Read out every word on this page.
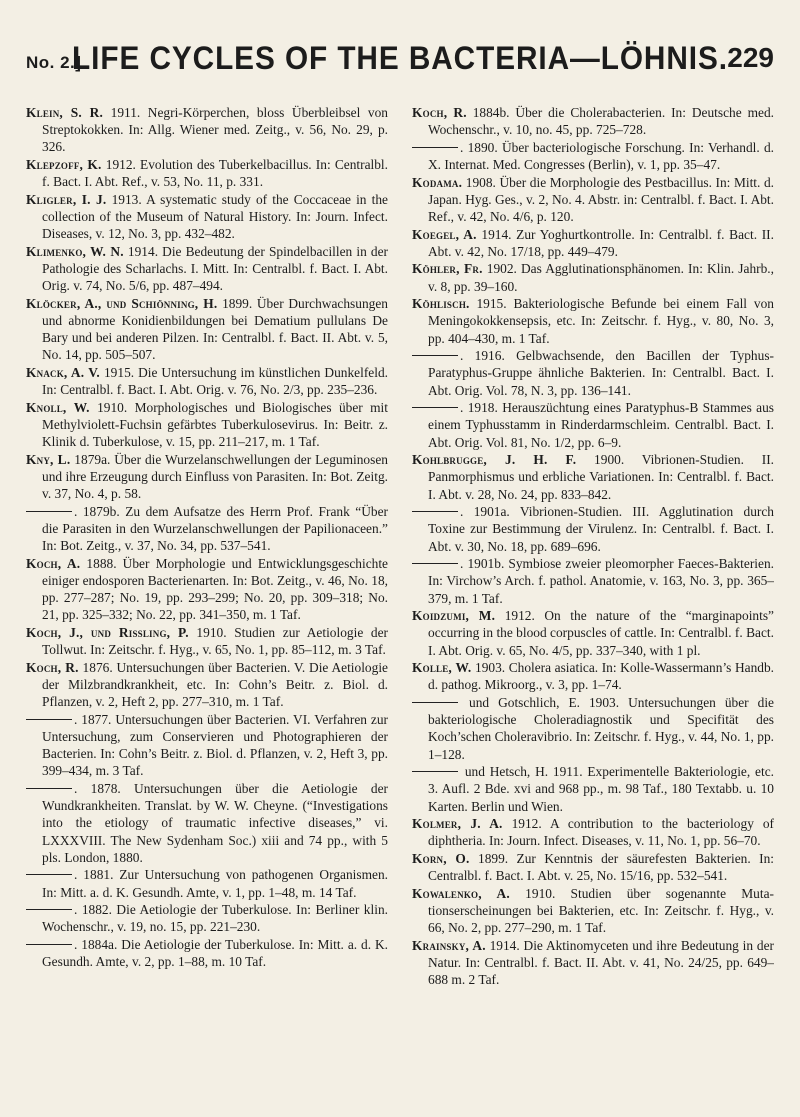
No. 2.]
LIFE CYCLES OF THE BACTERIA—LÖHNIS. 229

Klein, S. R. 1911. Negri-Körperchen, bloss Überbleibsel von Streptokokken. In: Allg. Wiener med. Zeitg., v. 56, No. 29, p. 326.

Klepzoff, K. 1912. Evolution des Tuberkelbacillus. In: Centralbl. f. Bact. I. Abt. Ref., v. 53, No. 11, p. 331.

Kligler, I. J. 1913. A systematic study of the Coccaceae in the collection of the Museum of Natural History. In: Journ. Infect. Diseases, v. 12, No. 3, pp. 432–482.

Klimenko, W. N. 1914. Die Bedeutung der Spindelbacillen in der Pathologie des Scharlachs. I. Mitt. In: Centralbl. f. Bact. I. Abt. Orig. v. 74, No. 5/6, pp. 487–494.

Klöcker, A., und Schiönning, H. 1899. Über Durchwachsungen und abnorme Konidienbildungen bei Dematium pullulans De Bary und bei anderen Pilzen. In: Centralbl. f. Bact. II. Abt. v. 5, No. 14, pp. 505–507.

Knack, A. V. 1915. Die Untersuchung im künstlichen Dunkelfeld. In: Centralbl. f. Bact. I. Abt. Orig. v. 76, No. 2/3, pp. 235–236.

Knoll, W. 1910. Morphologisches und Biologisches über mit Methylviolett-Fuchsin gefärbtes Tuberkulosevirus. In: Beitr. z. Klinik d. Tuberkulose, v. 15, pp. 211–217, m. 1 Taf.

Kny, L. 1879a. Über die Wurzelanschwellungen der Leguminosen und ihre Erzeugung durch Einfluss von Parasiten. In: Bot. Zeitg. v. 37, No. 4, p. 58.

. 1879b. Zu dem Aufsatze des Herrn Prof. Frank “Über die Parasiten in den Wurzelanschwellungen der Papilionaceen.” In: Bot. Zeitg., v. 37, No. 34, pp. 537–541.

Koch, A. 1888. Über Morphologie und Entwicklungsgeschichte einiger endosporen Bacterienarten. In: Bot. Zeitg., v. 46, No. 18, pp. 277–287; No. 19, pp. 293–299; No. 20, pp. 309–318; No. 21, pp. 325–332; No. 22, pp. 341–350, m. 1 Taf.

Koch, J., und Rissling, P. 1910. Studien zur Aetiologie der Tollwut. In: Zeitschr. f. Hyg., v. 65, No. 1, pp. 85–112, m. 3 Taf.

Koch, R. 1876. Untersuchungen über Bacterien. V. Die Aetiologie der Milzbrandkrankheit, etc. In: Cohn’s Beitr. z. Biol. d. Pflanzen, v. 2, Heft 2, pp. 277–310, m. 1 Taf.

. 1877. Untersuchungen über Bacterien. VI. Verfahren zur Untersuchung, zum Conservieren und Photographieren der Bacterien. In: Cohn’s Beitr. z. Biol. d. Pflanzen, v. 2, Heft 3, pp. 399–434, m. 3 Taf.

. 1878. Untersuchungen über die Aetiologie der Wundkrankheiten. Translat. by W. W. Cheyne. (“Investigations into the etiology of traumatic infective diseases,” vi. LXXXVIII. The New Sydenham Soc.) xiii and 74 pp., with 5 pls. London, 1880.

. 1881. Zur Untersuchung von pathogenen Organismen. In: Mitt. a. d. K. Gesundh. Amte, v. 1, pp. 1–48, m. 14 Taf.

. 1882. Die Aetiologie der Tuberkulose. In: Berliner klin. Wochenschr., v. 19, no. 15, pp. 221–230.

. 1884a. Die Aetiologie der Tuberkulose. In: Mitt. a. d. K. Gesundh. Amte, v. 2, pp. 1–88, m. 10 Taf.

Koch, R. 1884b. Über die Cholerabacterien. In: Deutsche med. Wochenschr., v. 10, no. 45, pp. 725–728.

. 1890. Über bacteriologische Forschung. In: Verhandl. d. X. Internat. Med. Congresses (Berlin), v. 1, pp. 35–47.

Kodama. 1908. Über die Morphologie des Pestbacillus. In: Mitt. d. Japan. Hyg. Ges., v. 2, No. 4. Abstr. in: Centralbl. f. Bact. I. Abt. Ref., v. 42, No. 4/6, p. 120.

Koegel, A. 1914. Zur Yoghurtkontrolle. In: Centralbl. f. Bact. II. Abt. v. 42, No. 17/18, pp. 449–479.

Köhler, Fr. 1902. Das Agglutinationsphänomen. In: Klin. Jahrb., v. 8, pp. 39–160.

Köhlisch. 1915. Bakteriologische Befunde bei einem Fall von Meningokokkensepsis, etc. In: Zeitschr. f. Hyg., v. 80, No. 3, pp. 404–430, m. 1 Taf.

. 1916. Gelbwachsende, den Bacillen der Typhus-Paratyphus-Gruppe ähnliche Bakterien. In: Centralbl. Bact. I. Abt. Orig. Vol. 78, N. 3, pp. 136–141.

. 1918. Herauszüchtung eines Paratyphus-B Stammes aus einem Typhusstamm in Rinderdarmschleim. Centralbl. Bact. I. Abt. Orig. Vol. 81, No. 1/2, pp. 6–9.

Kohlbrugge, J. H. F. 1900. Vibrionen-Studien. II. Panmorphismus und erbliche Variationen. In: Centralbl. f. Bact. I. Abt. v. 28, No. 24, pp. 833–842.

. 1901a. Vibrionen-Studien. III. Agglutination durch Toxine zur Bestimmung der Virulenz. In: Centralbl. f. Bact. I. Abt. v. 30, No. 18, pp. 689–696.

. 1901b. Symbiose zweier pleomorpher Faeces-Bakterien. In: Virchow’s Arch. f. pathol. Anatomie, v. 163, No. 3, pp. 365–379, m. 1 Taf.

Koidzumi, M. 1912. On the nature of the “marginapoints” occurring in the blood corpuscles of cattle. In: Centralbl. f. Bact. I. Abt. Orig. v. 65, No. 4/5, pp. 337–340, with 1 pl.

Kolle, W. 1903. Cholera asiatica. In: Kolle-Wassermann’s Handb. d. pathog. Mikroorg., v. 3, pp. 1–74.

und Gotschlich, E. 1903. Untersuchungen über die bakteriologische Choleradiagnostik und Specifität des Koch’schen Choleravibrio. In: Zeitschr. f. Hyg., v. 44, No. 1, pp. 1–128.

und Hetsch, H. 1911. Experimentelle Bakteriologie, etc. 3. Aufl. 2 Bde. xvi and 968 pp., m. 98 Taf., 180 Textabb. u. 10 Karten. Berlin und Wien.

Kolmer, J. A. 1912. A contribution to the bacteriology of diphtheria. In: Journ. Infect. Diseases, v. 11, No. 1, pp. 56–70.

Korn, O. 1899. Zur Kenntnis der säurefesten Bakterien. In: Centralbl. f. Bact. I. Abt. v. 25, No. 15/16, pp. 532–541.

Kowalenko, A. 1910. Studien über sogenannte Mutationserscheinungen bei Bakterien, etc. In: Zeitschr. f. Hyg., v. 66, No. 2, pp. 277–290, m. 1 Taf.

Krainsky, A. 1914. Die Aktinomyceten und ihre Bedeutung in der Natur. In: Centralbl. f. Bact. II. Abt. v. 41, No. 24/25, pp. 649–688 m. 2 Taf.
